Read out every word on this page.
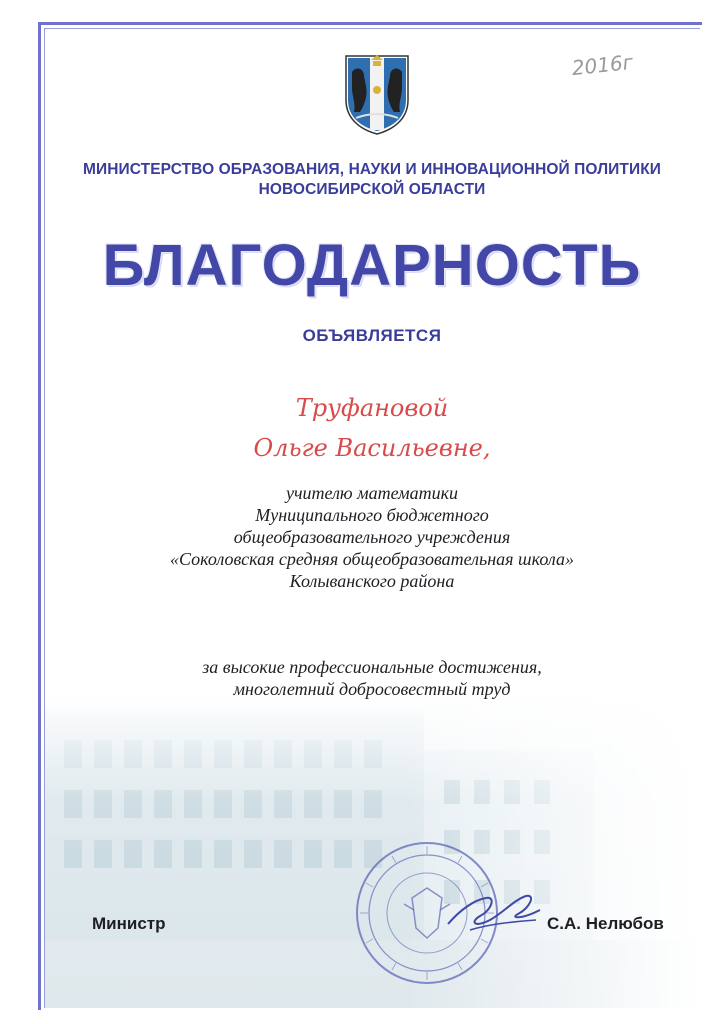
2016г
МИНИСТЕРСТВО ОБРАЗОВАНИЯ, НАУКИ И ИННОВАЦИОННОЙ ПОЛИТИКИ
НОВОСИБИРСКОЙ ОБЛАСТИ
БЛАГОДАРНОСТЬ
ОБЪЯВЛЯЕТСЯ
Труфановой
Ольге Васильевне,
учителю математики
Муниципального бюджетного
общеобразовательного учреждения
«Соколовская средняя общеобразовательная школа»
Колыванского района
за высокие профессиональные достижения,
многолетний добросовестный труд
Министр	С.А. Нелюбов
